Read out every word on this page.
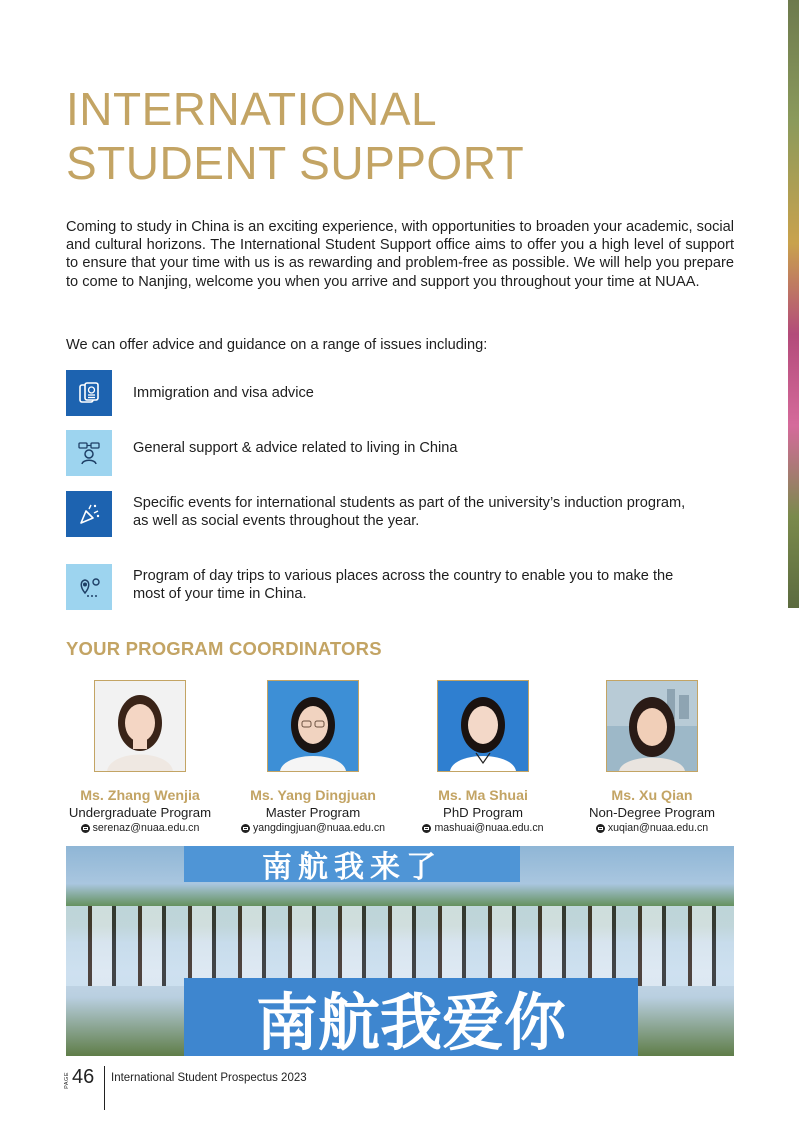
INTERNATIONAL
STUDENT SUPPORT

Coming to study in China is an exciting experience, with opportunities to broaden your academic, social and cultural horizons. The International Student Support office aims to offer you a high level of support to ensure that your time with us is as rewarding and problem-free as possible. We will help you prepare to come to Nanjing, welcome you when you arrive and support you throughout your time at NUAA.

We can offer advice and guidance on a range of issues including:

Immigration and visa advice

General support & advice related to living in China

Specific events for international students as part of the university’s induction program, as well as social events throughout the year.

Program of day trips to various places across the country to enable you to make the most of your time in China.

YOUR PROGRAM COORDINATORS
Ms. Zhang Wenjia
Undergraduate Program
serenaz@nuaa.edu.cn
Ms. Yang Dingjuan
Master Program
yangdingjuan@nuaa.edu.cn
Ms. Ma Shuai
PhD Program
mashuai@nuaa.edu.cn
Ms. Xu Qian
Non-Degree Program
xuqian@nuaa.edu.cn
南航我来了
南航我爱你
PAGE 46 International Student Prospectus 2023
